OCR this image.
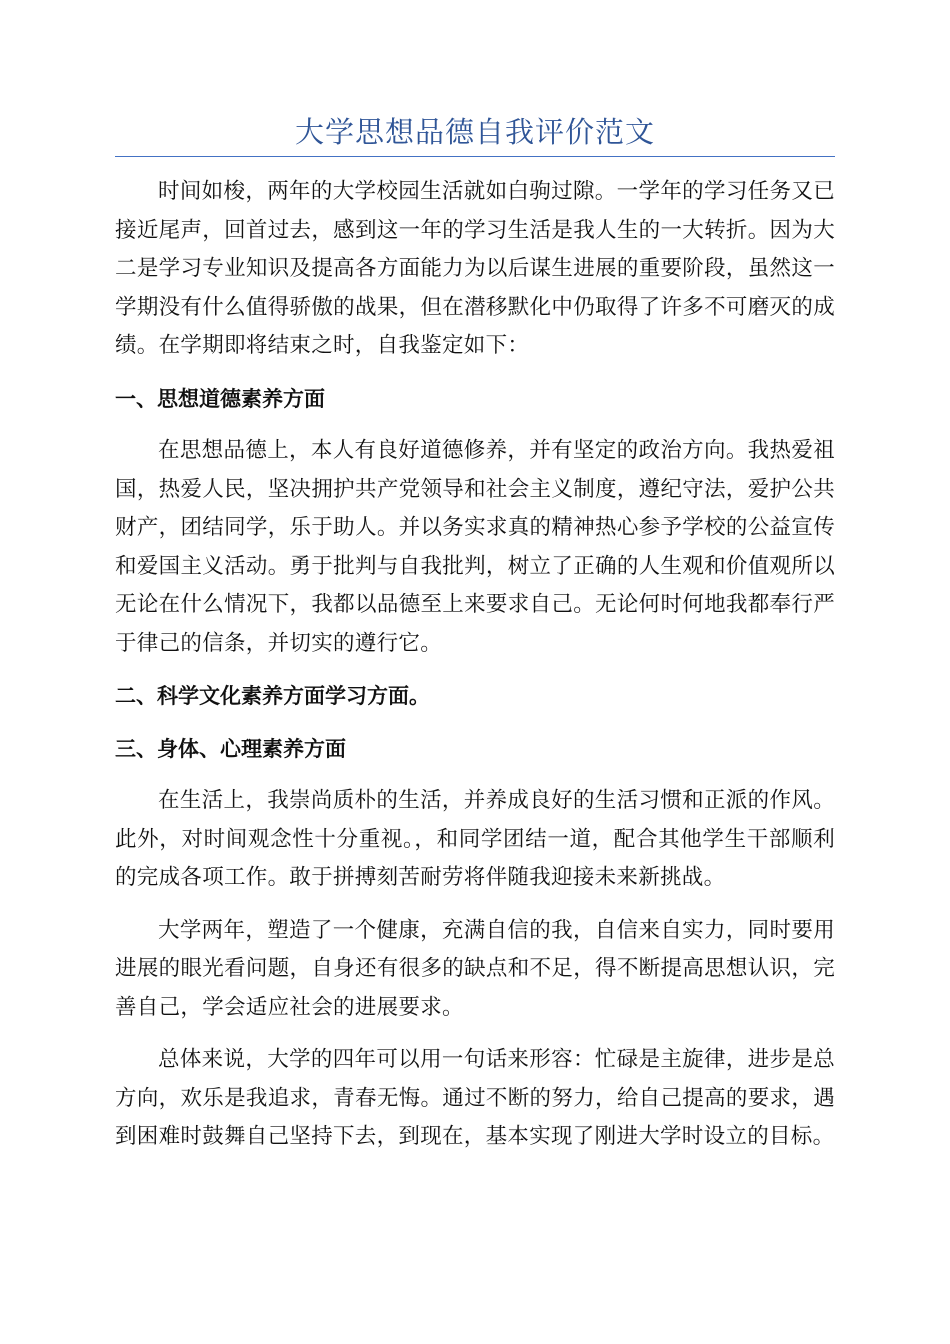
大学思想品德自我评价范文

时间如梭，两年的大学校园生活就如白驹过隙。一学年的学习任务又已接近尾声，回首过去，感到这一年的学习生活是我人生的一大转折。因为大二是学习专业知识及提高各方面能力为以后谋生进展的重要阶段，虽然这一学期没有什么值得骄傲的战果，但在潜移默化中仍取得了许多不可磨灭的成绩。在学期即将结束之时，自我鉴定如下：

一、思想道德素养方面

在思想品德上，本人有良好道德修养，并有坚定的政治方向。我热爱祖国，热爱人民，坚决拥护共产党领导和社会主义制度，遵纪守法，爱护公共财产，团结同学，乐于助人。并以务实求真的精神热心参予学校的公益宣传和爱国主义活动。勇于批判与自我批判，树立了正确的人生观和价值观所以无论在什么情况下，我都以品德至上来要求自己。无论何时何地我都奉行严于律己的信条，并切实的遵行它。

二、科学文化素养方面学习方面。
三、身体、心理素养方面

在生活上，我崇尚质朴的生活，并养成良好的生活习惯和正派的作风。此外，对时间观念性十分重视。，和同学团结一道，配合其他学生干部顺利的完成各项工作。敢于拼搏刻苦耐劳将伴随我迎接未来新挑战。

大学两年，塑造了一个健康，充满自信的我，自信来自实力，同时要用进展的眼光看问题，自身还有很多的缺点和不足，得不断提高思想认识，完善自己，学会适应社会的进展要求。

总体来说，大学的四年可以用一句话来形容：忙碌是主旋律，进步是总方向，欢乐是我追求，青春无悔。通过不断的努力，给自己提高的要求，遇到困难时鼓舞自己坚持下去，到现在，基本实现了刚进大学时设立的目标。
